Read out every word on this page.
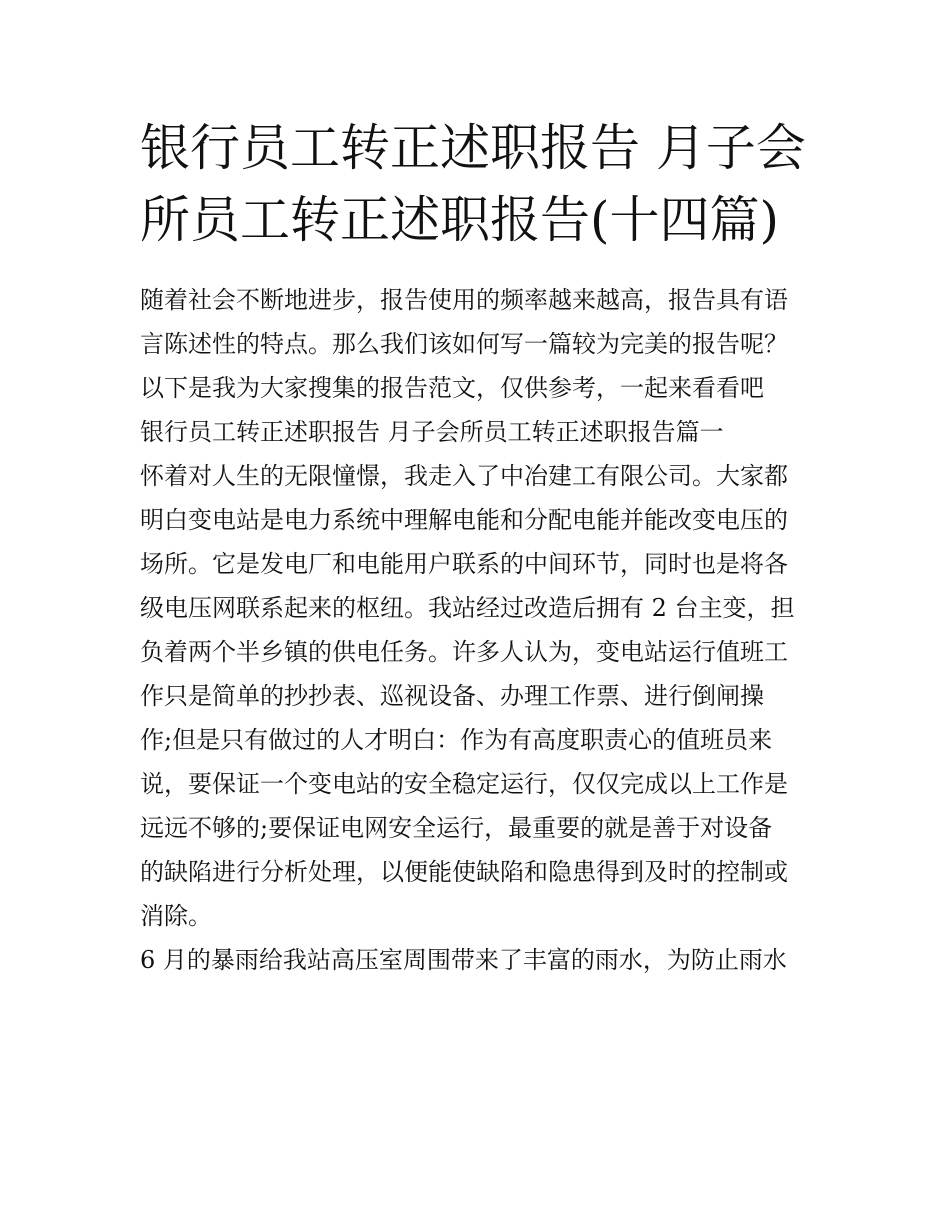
银行员工转正述职报告 月子会
所员工转正述职报告(十四篇)
随着社会不断地进步，报告使用的频率越来越高，报告具有语
言陈述性的特点。那么我们该如何写一篇较为完美的报告呢？
以下是我为大家搜集的报告范文，仅供参考，一起来看看吧
银行员工转正述职报告 月子会所员工转正述职报告篇一
怀着对人生的无限憧憬，我走入了中冶建工有限公司。大家都
明白变电站是电力系统中理解电能和分配电能并能改变电压的
场所。它是发电厂和电能用户联系的中间环节，同时也是将各
级电压网联系起来的枢纽。我站经过改造后拥有 2 台主变，担
负着两个半乡镇的供电任务。许多人认为，变电站运行值班工
作只是简单的抄抄表、巡视设备、办理工作票、进行倒闸操
作;但是只有做过的人才明白：作为有高度职责心的值班员来
说，要保证一个变电站的安全稳定运行，仅仅完成以上工作是
远远不够的;要保证电网安全运行，最重要的就是善于对设备
的缺陷进行分析处理，以便能使缺陷和隐患得到及时的控制或
消除。
6 月的暴雨给我站高压室周围带来了丰富的雨水，为防止雨水
